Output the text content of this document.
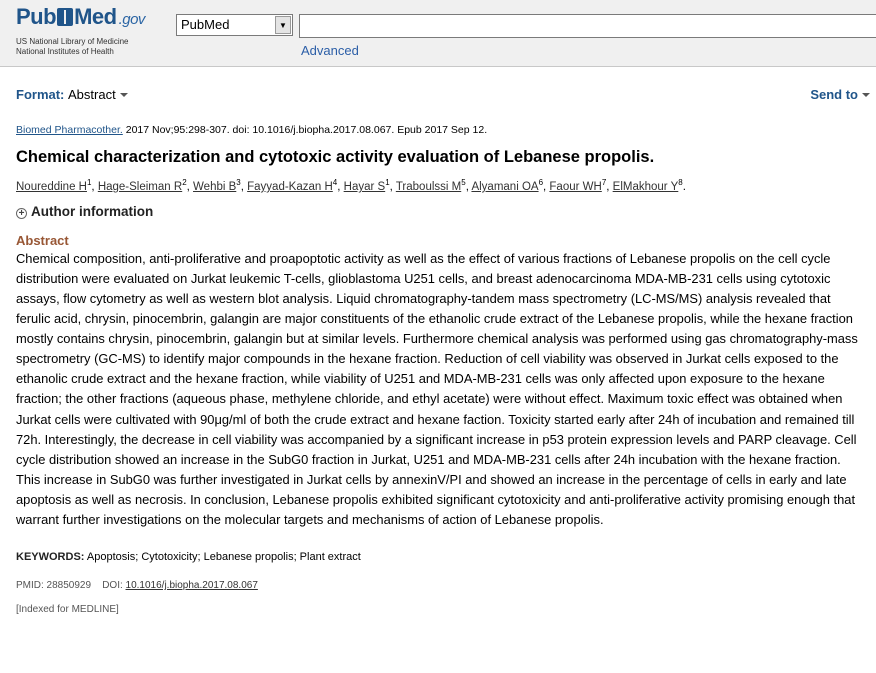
Pub Med .gov
US National Library of Medicine
National Institutes of Health
PubMed	▼
Advanced
Format: Abstract	Send to
Biomed Pharmacother. 2017 Nov;95:298-307. doi: 10.1016/j.biopha.2017.08.067. Epub 2017 Sep 12.
Chemical characterization and cytotoxic activity evaluation of Lebanese propolis.
Noureddine $H^1$, Hage-Sleiman $R^2$, Wehbi $B^3$, Fayyad-Kazan $H^4$, Hayar $S^1$, Traboulssi $M^5$, Alyamani $OA^6$, Faour $WH^7$, ElMakhour $Y^8$.
+ Author information
Abstract
Chemical composition, anti-proliferative and proapoptotic activity as well as the effect of various fractions of Lebanese propolis on the cell cycle distribution were evaluated on Jurkat leukemic T-cells, glioblastoma U251 cells, and breast adenocarcinoma MDA-MB-231 cells using cytotoxic assays, flow cytometry as well as western blot analysis. Liquid chromatography-tandem mass spectrometry (LC-MS/MS) analysis revealed that ferulic acid, chrysin, pinocembrin, galangin are major constituents of the ethanolic crude extract of the Lebanese propolis, while the hexane fraction mostly contains chrysin, pinocembrin, galangin but at similar levels. Furthermore chemical analysis was performed using gas chromatography-mass spectrometry (GC-MS) to identify major compounds in the hexane fraction. Reduction of cell viability was observed in Jurkat cells exposed to the ethanolic crude extract and the hexane fraction, while viability of U251 and MDA-MB-231 cells was only affected upon exposure to the hexane fraction; the other fractions (aqueous phase, methylene chloride, and ethyl acetate) were without effect. Maximum toxic effect was obtained when Jurkat cells were cultivated with 90μg/ml of both the crude extract and hexane faction. Toxicity started early after 24h of incubation and remained till 72h. Interestingly, the decrease in cell viability was accompanied by a significant increase in p53 protein expression levels and PARP cleavage. Cell cycle distribution showed an increase in the SubG0 fraction in Jurkat, U251 and MDA-MB-231 cells after 24h incubation with the hexane fraction. This increase in SubG0 was further investigated in Jurkat cells by annexinV/PI and showed an increase in the percentage of cells in early and late apoptosis as well as necrosis. In conclusion, Lebanese propolis exhibited significant cytotoxicity and anti-proliferative activity promising enough that warrant further investigations on the molecular targets and mechanisms of action of Lebanese propolis.
KEYWORDS: Apoptosis; Cytotoxicity; Lebanese propolis; Plant extract
PMID: 28850929 DOI: 10.1016/j.biopha.2017.08.067
[Indexed for MEDLINE]
